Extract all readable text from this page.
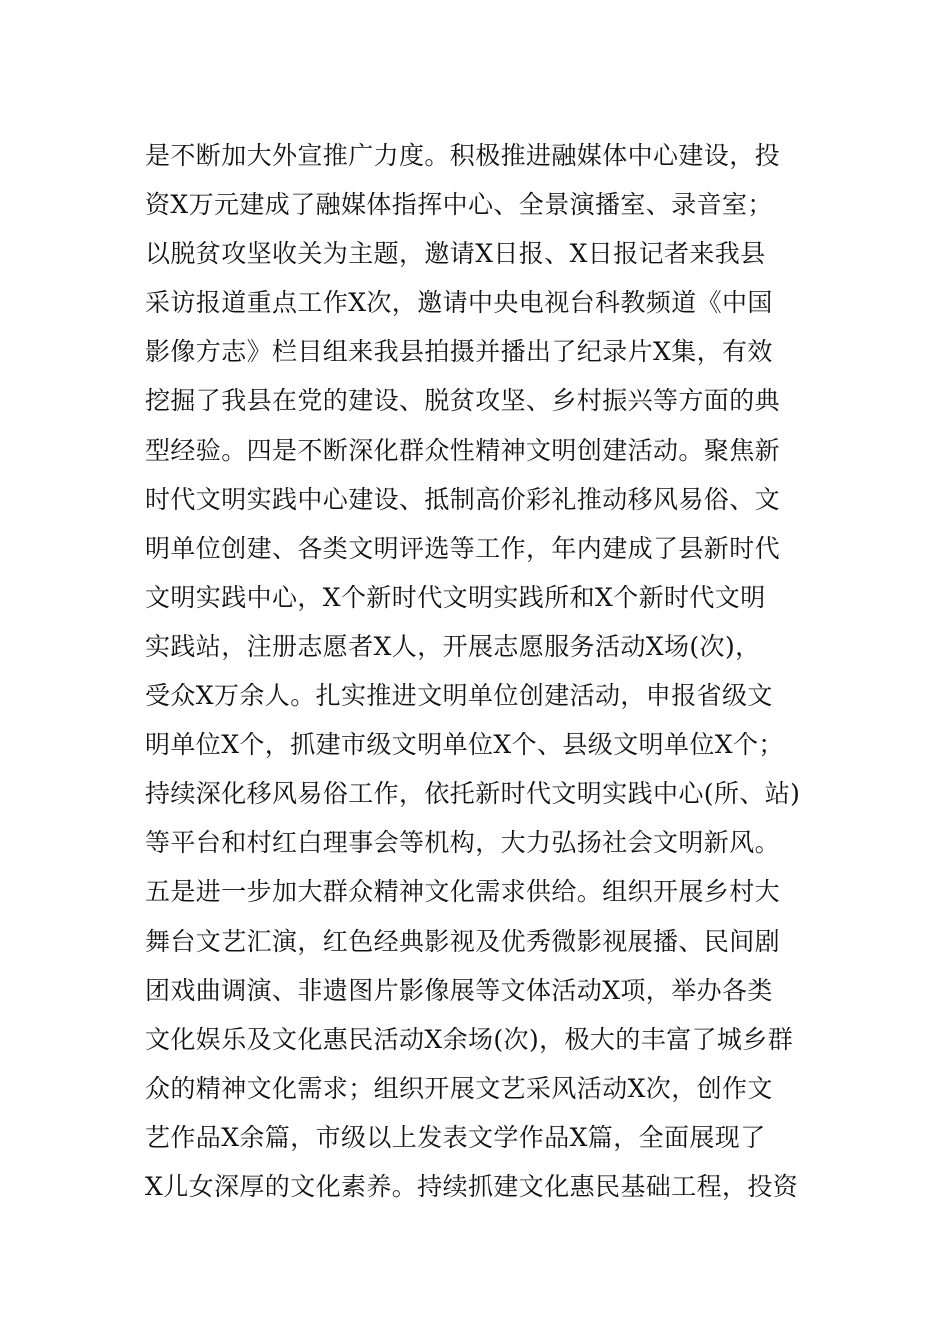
是不断加大外宣推广力度。积极推进融媒体中心建设，投
资X万元建成了融媒体指挥中心、全景演播室、录音室；
以脱贫攻坚收关为主题，邀请X日报、X日报记者来我县
采访报道重点工作X次，邀请中央电视台科教频道《中国
影像方志》栏目组来我县拍摄并播出了纪录片X集，有效
挖掘了我县在党的建设、脱贫攻坚、乡村振兴等方面的典
型经验。四是不断深化群众性精神文明创建活动。聚焦新
时代文明实践中心建设、抵制高价彩礼推动移风易俗、文
明单位创建、各类文明评选等工作，年内建成了县新时代
文明实践中心，X个新时代文明实践所和X个新时代文明
实践站，注册志愿者X人，开展志愿服务活动X场(次)，
受众X万余人。扎实推进文明单位创建活动，申报省级文
明单位X个，抓建市级文明单位X个、县级文明单位X个；
持续深化移风易俗工作，依托新时代文明实践中心(所、站)
等平台和村红白理事会等机构，大力弘扬社会文明新风。
五是进一步加大群众精神文化需求供给。组织开展乡村大
舞台文艺汇演，红色经典影视及优秀微影视展播、民间剧
团戏曲调演、非遗图片影像展等文体活动X项，举办各类
文化娱乐及文化惠民活动X余场(次)，极大的丰富了城乡群
众的精神文化需求；组织开展文艺采风活动X次，创作文
艺作品X余篇，市级以上发表文学作品X篇，全面展现了
X儿女深厚的文化素养。持续抓建文化惠民基础工程，投资
